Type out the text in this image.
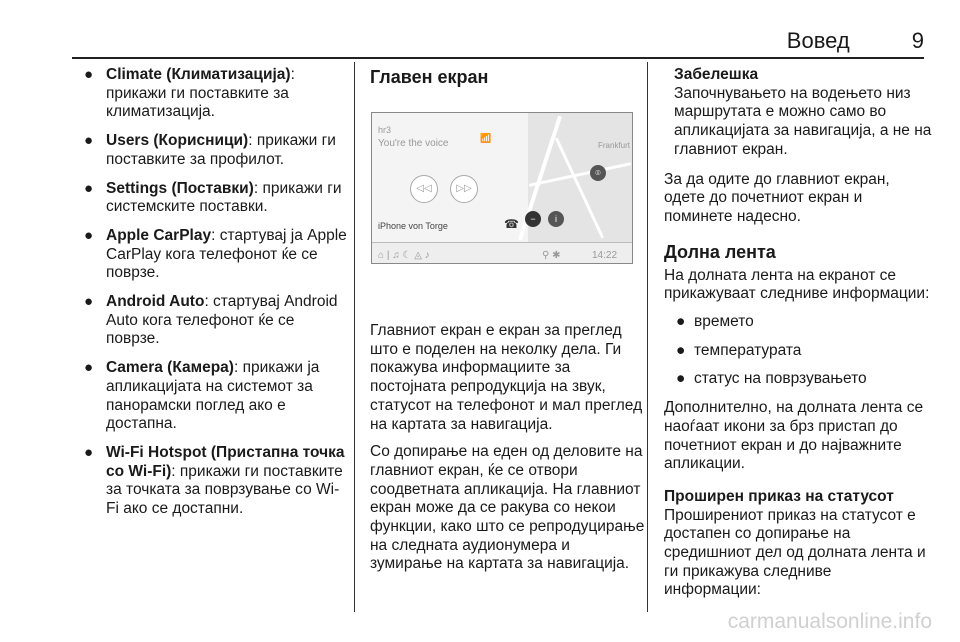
Вовед	9
● Climate (Климатизација): прикажи ги поставките за климатизација.
● Users (Корисници): прикажи ги поставките за профилот.
● Settings (Поставки): прикажи ги системските поставки.
● Apple CarPlay: стартувај ја Apple CarPlay кога телефонот ќе се поврзе.
● Android Auto: стартувај Android Auto кога телефонот ќе се поврзе.
● Camera (Камера): прикажи ја апликацијата на системот за панорамски поглед ако е достапна.
● Wi-Fi Hotspot (Пристапна точка со Wi-Fi): прикажи ги поставките за точката за поврзување со Wi-Fi ако се достапни.
Главен екран
hr3
You're the voice	📶
◁◁	▷▷
iPhone von Torge	☎
Frankfurt
⌾
−	i
⌂ | ♫ ☾ ◬ ♪	⚲ ✱	14:22

Главниот екран е екран за преглед што е поделен на неколку дела. Ги покажува информациите за постојната репродукција на звук, статусот на телефонот и мал преглед на картата за навигација.

Со допирање на еден од деловите на главниот екран, ќе се отвори соодветната апликација. На главниот екран може да се ракува со некои функции, како што се репродуцирање на следната аудионумера и зумирање на картата за навигација.

Забелешка
Започнувањето на водењето низ маршрутата е можно само во апликацијата за навигација, а не на главниот екран.

За да одите до главниот екран, одете до почетниот екран и поминете надесно.

Долна лента

На долната лента на екранот се прикажуваат следниве информации:

● времето
● температурата
● статус на поврзувањето

Дополнително, на долната лента се наоѓаат икони за брз пристап до почетниот екран и до најважните апликации.

Проширен приказ на статусот

Проширениот приказ на статусот е достапен со допирање на средишниот дел од долната лента и ги прикажува следниве информации:

carmanualsonline.info
